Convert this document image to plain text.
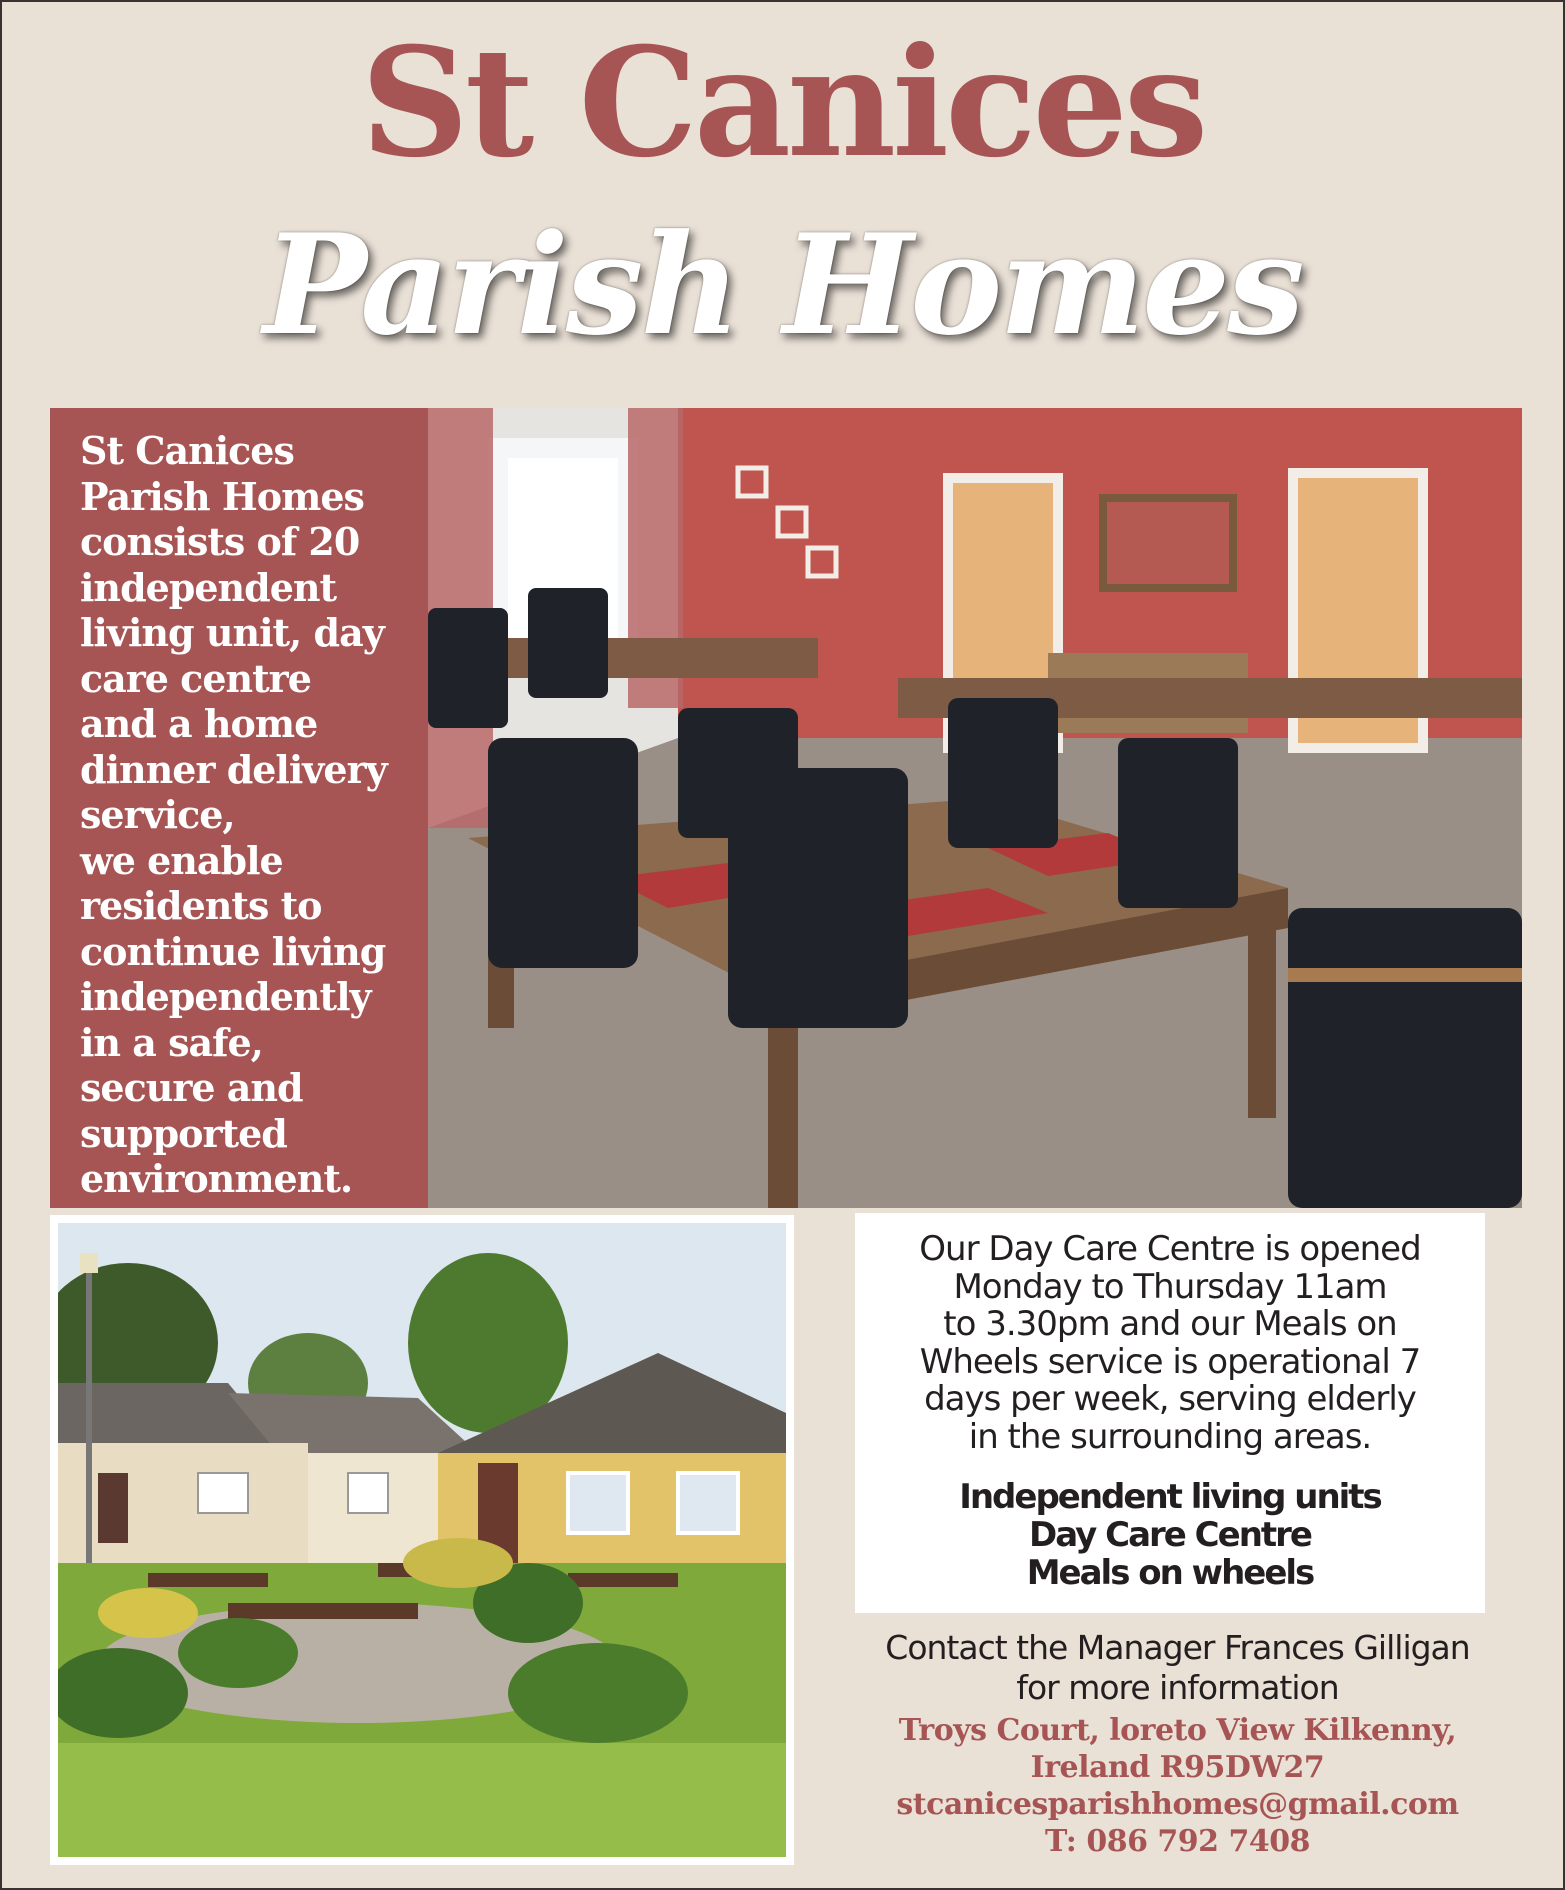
St Canices
Parish Homes

St Canices
Parish Homes
consists of 20
independent
living unit, day
care centre
and a home
dinner delivery
service,
we enable
residents to
continue living
independently
in a safe,
secure and
supported
environment.

Our Day Care Centre is opened
Monday to Thursday 11am
to 3.30pm and our Meals on
Wheels service is operational 7
days per week, serving elderly
in the surrounding areas.

Independent living units

Day Care Centre

Meals on wheels

Contact the Manager Frances Gilligan
for more information

Troys Court, loreto View Kilkenny,

Ireland R95DW27

stcanicesparishhomes@gmail.com

T: 086 792 7408
